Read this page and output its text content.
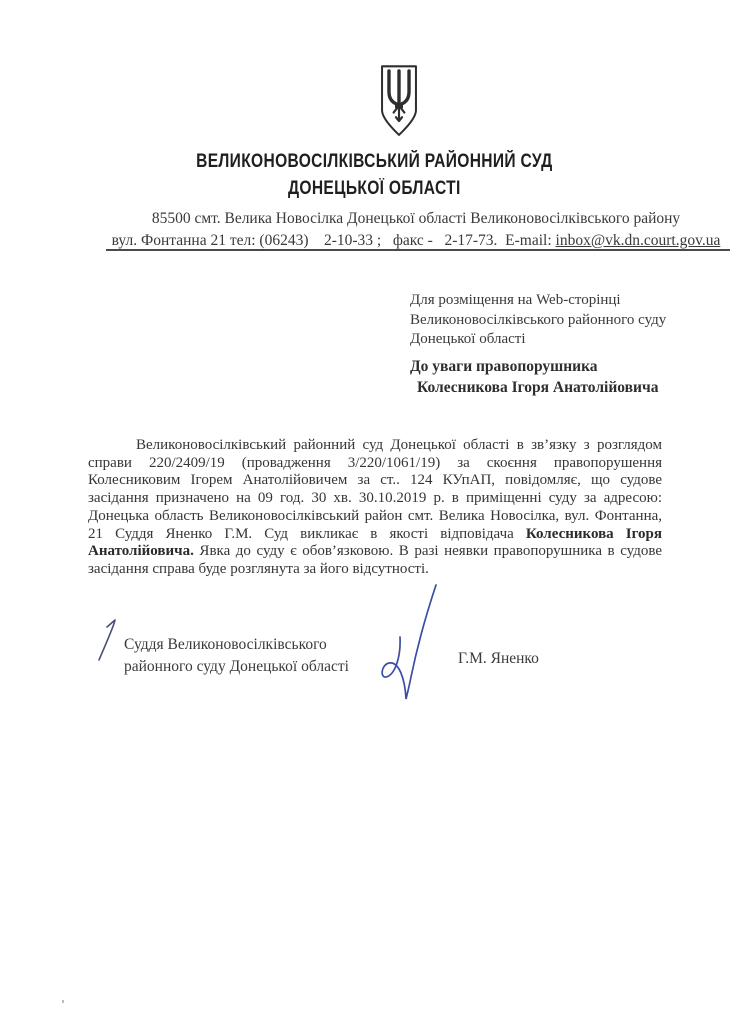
ВЕЛИКОНОВОСІЛКІВСЬКИЙ РАЙОННИЙ СУД
ДОНЕЦЬКОЇ ОБЛАСТІ
85500 смт. Велика Новосілка Донецької області Великоновосілківського району
вул. Фонтанна 21 тел: (06243)    2-10-33 ;   факс -   2-17-73.  E-mail: inbox@vk.dn.court.gov.ua
Для розміщення на Web-сторінці
Великоновосілківського районного суду
Донецької області
До уваги правопорушника
Колесникова Ігоря Анатолійовича

Великоновосілківський районний суд Донецької області в зв’язку з розглядом справи 220/2409/19 (провадження 3/220/1061/19) за скоєння правопорушення Колесниковим Ігорем Анатолійовичем за ст.. 124 КУпАП, повідомляє, що судове засідання призначено на 09 год. 30 хв. 30.10.2019 р. в приміщенні суду за адресою: Донецька область Великоновосілківський район смт. Велика Новосілка, вул. Фонтанна, 21 Суддя Яненко Г.М. Суд викликає в якості відповідача Колесникова Ігоря Анатолійовича. Явка до суду є обов’язковою. В разі неявки правопорушника в судове засідання справа буде розглянута за його відсутності.

Суддя Великоновосілківського
районного суду Донецької області	Г.М. Яненко
